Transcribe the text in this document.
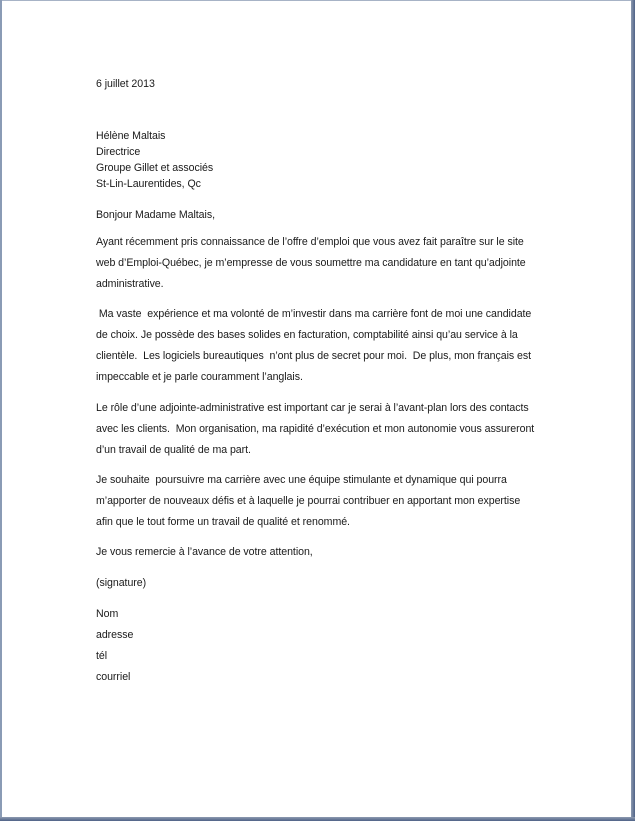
6 juillet 2013
Hélène Maltais
Directrice
Groupe Gillet et associés
St-Lin-Laurentides, Qc
Bonjour Madame Maltais,
Ayant récemment pris connaissance de l’offre d’emploi que vous avez fait paraître sur le site
web d’Emploi-Québec, je m’empresse de vous soumettre ma candidature en tant qu’adjointe
administrative.
Ma vaste  expérience et ma volonté de m’investir dans ma carrière font de moi une candidate
de choix. Je possède des bases solides en facturation, comptabilité ainsi qu’au service à la
clientèle.  Les logiciels bureautiques  n’ont plus de secret pour moi.  De plus, mon français est
impeccable et je parle couramment l’anglais.
Le rôle d’une adjointe-administrative est important car je serai à l’avant-plan lors des contacts
avec les clients.  Mon organisation, ma rapidité d’exécution et mon autonomie vous assureront
d’un travail de qualité de ma part.
Je souhaite  poursuivre ma carrière avec une équipe stimulante et dynamique qui pourra
m’apporter de nouveaux défis et à laquelle je pourrai contribuer en apportant mon expertise
afin que le tout forme un travail de qualité et renommé.
Je vous remercie à l’avance de votre attention,
(signature)
Nom
adresse
tél
courriel
